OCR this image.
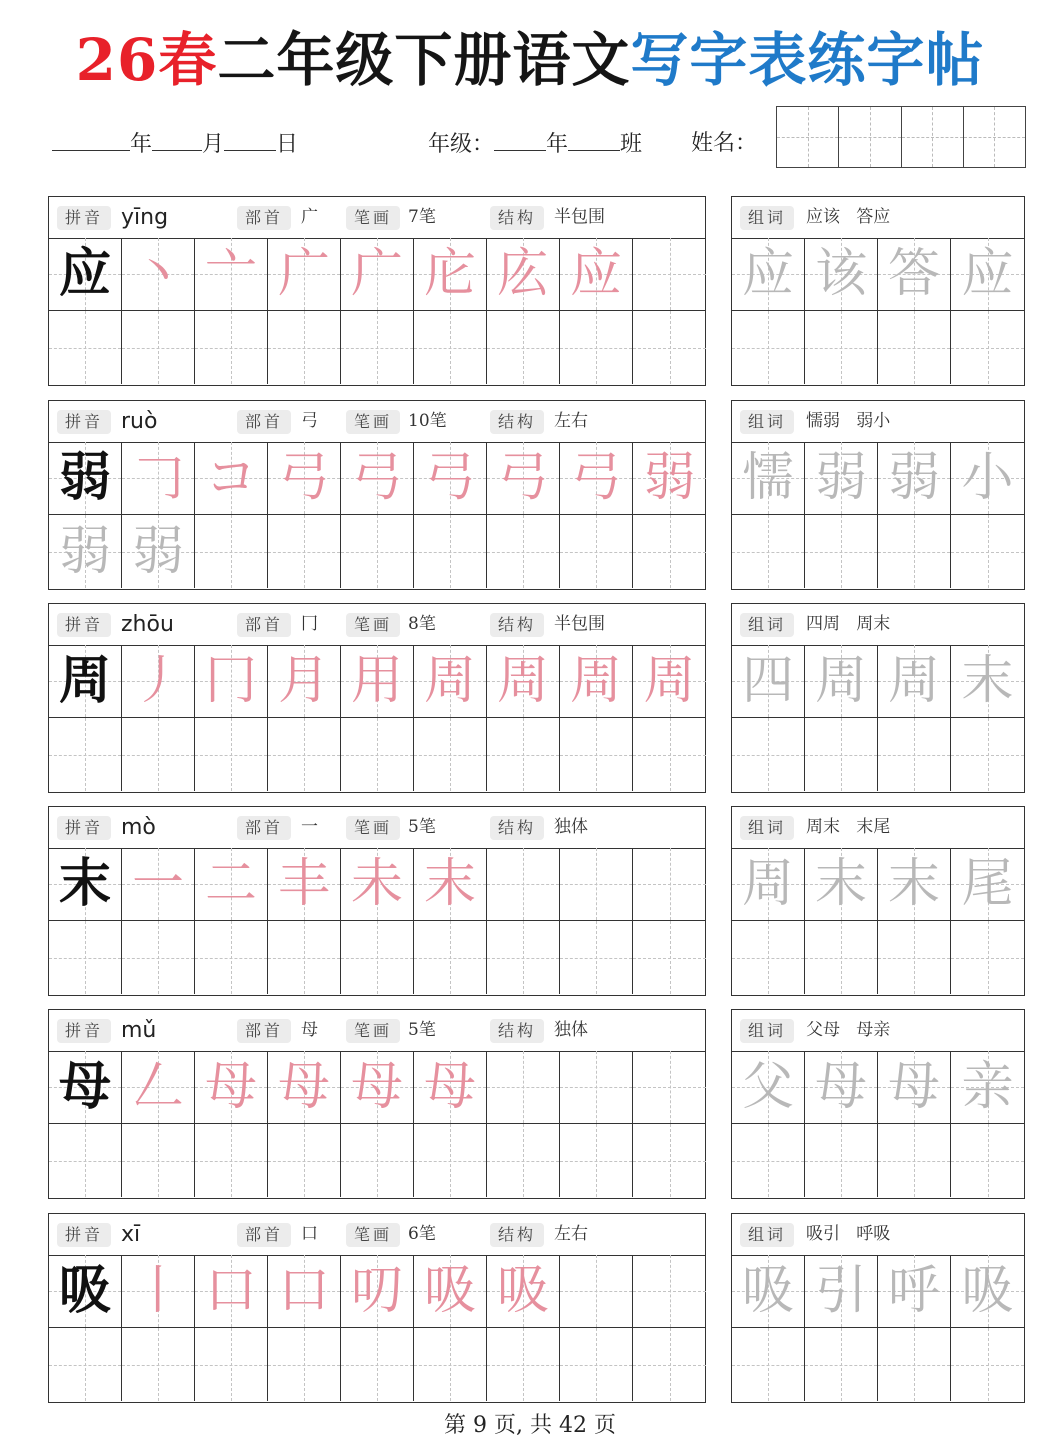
26春二年级下册语文写字表练字帖
年 月 日	年级： 年 班 姓名：
拼音 yīng	部首	广	笔画 7笔	结构	半包围
应 丶 亠 广 广 庀 庅 应
组词	应该   答应
应 该 答 应
拼音 ruò	部首	弓	笔画 10笔	结构	左右
弱 𠃌 コ 弓 弓 弓 弓 弓 弱
弱 弱
组词	懦弱   弱小
懦 弱 弱 小
拼音 zhōu	部首	冂	笔画 8笔	结构	半包围
周 丿 冂 月 用 周 周 周 周
组词	四周   周末
四 周 周 末
拼音 mò	部首	一	笔画 5笔	结构	独体
末 一 二 丰 未 末
组词	周末   末尾
周 末 末 尾
拼音 mǔ	部首	母	笔画 5笔	结构	独体
母 𠃋 母 母 母 母
组词	父母   母亲
父 母 母 亲
拼音 xī	部首	口	笔画 6笔	结构	左右
吸 丨 口 口 叨 吸 吸
组词	吸引   呼吸
吸 引 呼 吸
第 9 页, 共 42 页
